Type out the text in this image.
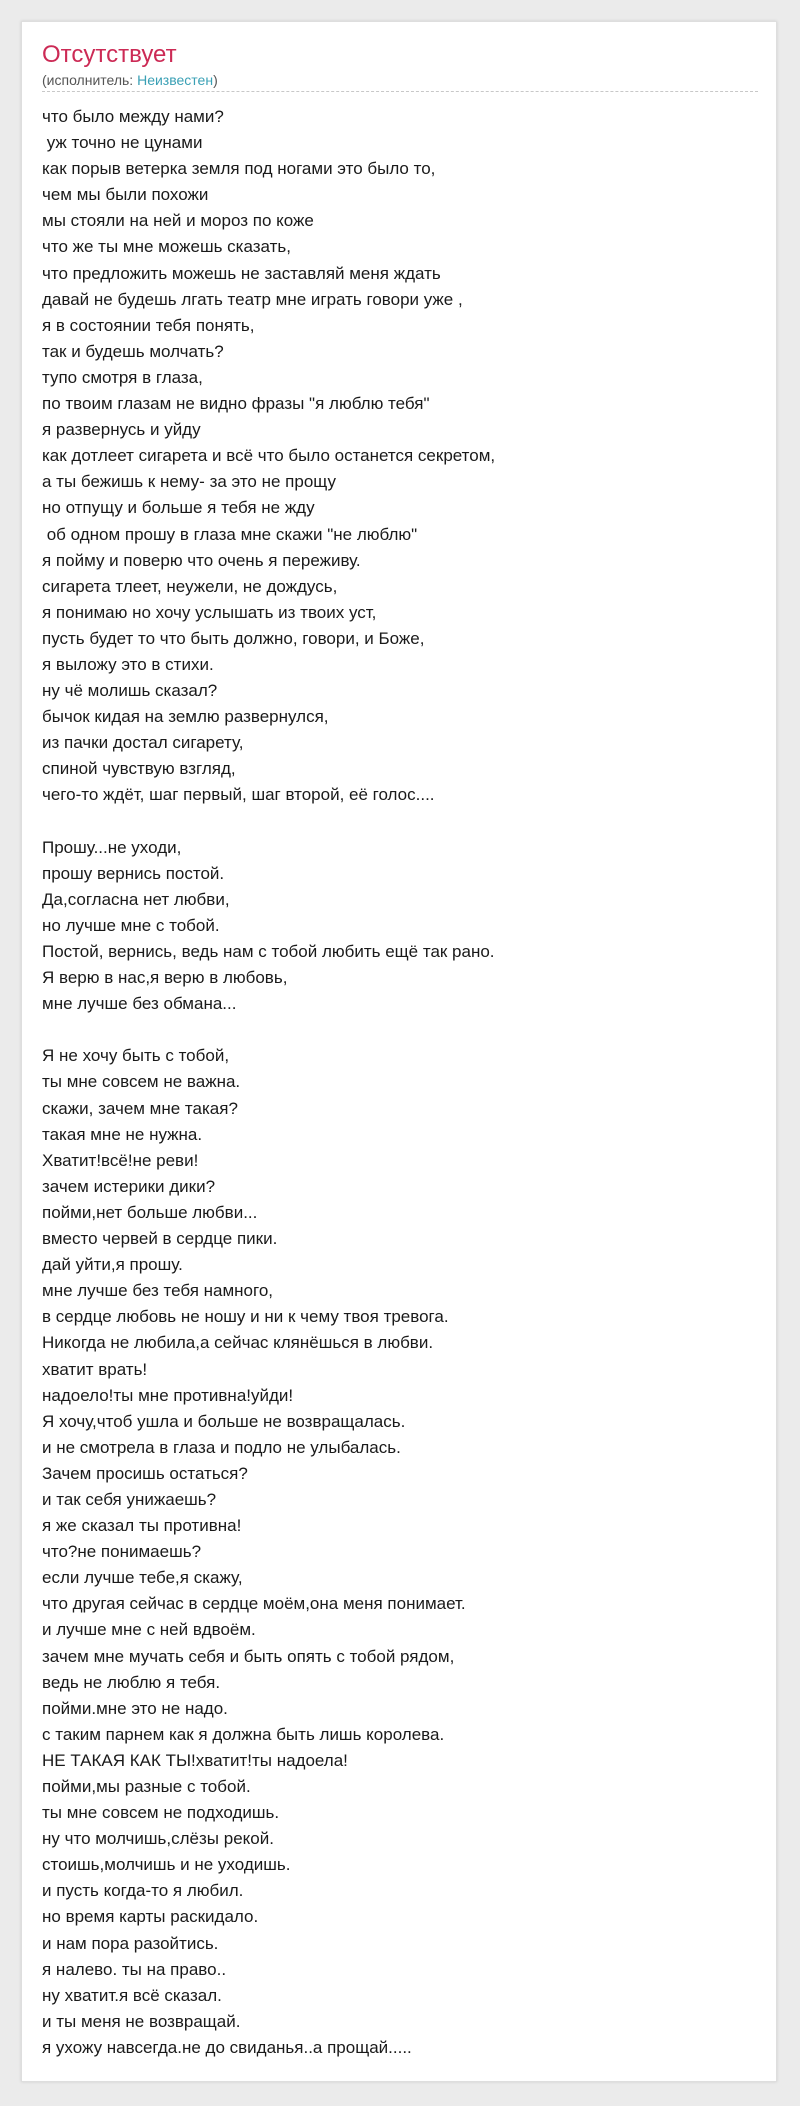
Отсутствует
(исполнитель: Неизвестен)
что было между нами?
уж точно не цунами
как порыв ветерка земля под ногами это было то,
чем мы были похожи
мы стояли на ней и мороз по коже
что же ты мне можешь сказать,
что предложить можешь не заставляй меня ждать
давай не будешь лгать театр мне играть говори уже ,
я в состоянии тебя понять,
так и будешь молчать?
тупо смотря в глаза,
по твоим глазам не видно фразы "я люблю тебя"
я развернусь и уйду
как дотлеет сигарета и всё что было останется секретом,
а ты бежишь к нему- за это не прощу
но отпущу и больше я тебя не жду
об одном прошу в глаза мне скажи "не люблю"
я пойму и поверю что очень я переживу.
сигарета тлеет, неужели, не дождусь,
я понимаю но хочу услышать из твоих уст,
пусть будет то что быть должно, говори, и Боже,
я выложу это в стихи.
ну чё молишь сказал?
бычок кидая на землю развернулся,
из пачки достал сигарету,
спиной чувствую взгляд,
чего-то ждёт, шаг первый, шаг второй, её голос....
Прошу...не уходи,
прошу вернись постой.
Да,согласна нет любви,
но лучше мне с тобой.
Постой, вернись, ведь нам с тобой любить ещё так рано.
Я верю в нас,я верю в любовь,
мне лучше без обмана...
Я не хочу быть с тобой,
ты мне совсем не важна.
скажи, зачем мне такая?
такая мне не нужна.
Хватит!всё!не реви!
зачем истерики дики?
пойми,нет больше любви...
вместо червей в сердце пики.
дай уйти,я прошу.
мне лучше без тебя намного,
в сердце любовь не ношу и ни к чему твоя тревога.
Никогда не любила,а сейчас клянёшься в любви.
хватит врать!
надоело!ты мне противна!уйди!
Я хочу,чтоб ушла и больше не возвращалась.
и не смотрела в глаза и подло не улыбалась.
Зачем просишь остаться?
и так себя унижаешь?
я же сказал ты противна!
что?не понимаешь?
если лучше тебе,я скажу,
что другая сейчас в сердце моём,она меня понимает.
и лучше мне с ней вдвоём.
зачем мне мучать себя и быть опять с тобой рядом,
ведь не люблю я тебя.
пойми.мне это не надо.
с таким парнем как я должна быть лишь королева.
НЕ ТАКАЯ КАК ТЫ!хватит!ты надоела!
пойми,мы разные с тобой.
ты мне совсем не подходишь.
ну что молчишь,слёзы рекой.
стоишь,молчишь и не уходишь.
и пусть когда-то я любил.
но время карты раскидало.
и нам пора разойтись.
я налево. ты на право..
ну хватит.я всё сказал.
и ты меня не возвращай.
я ухожу навсегда.не до свиданья..а прощай.....
